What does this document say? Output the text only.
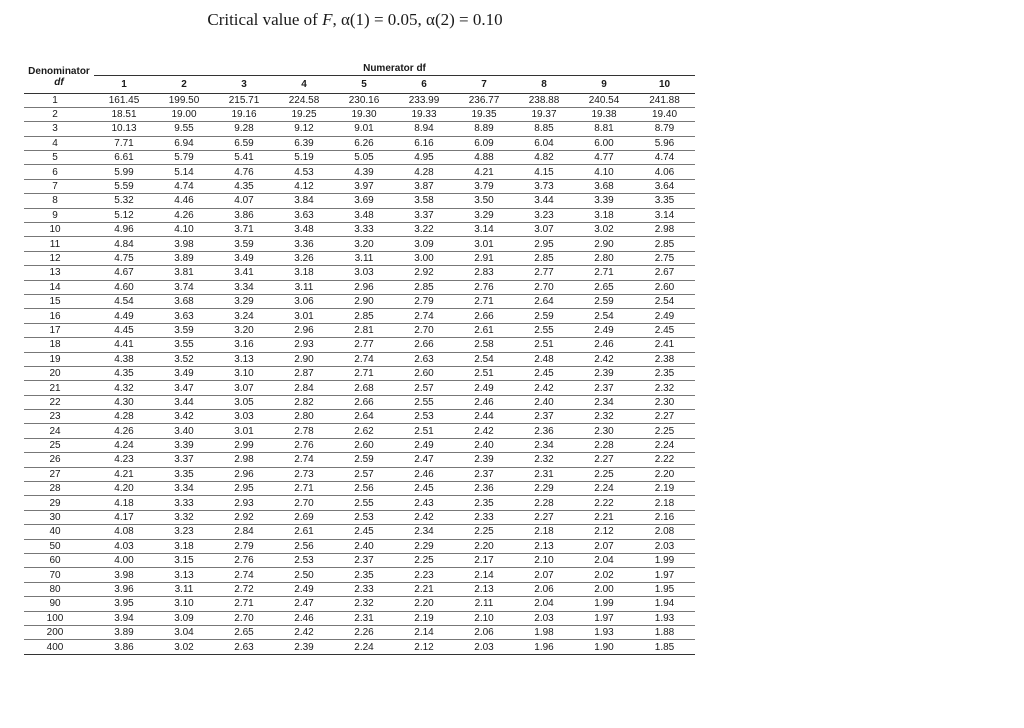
Critical value of F, α(1) = 0.05, α(2) = 0.10
Denominator
df	Numerator df									
	1	2	3	4	5	6	7	8	9	10
1	161.45	199.50	215.71	224.58	230.16	233.99	236.77	238.88	240.54	241.88
2	18.51	19.00	19.16	19.25	19.30	19.33	19.35	19.37	19.38	19.40
3	10.13	9.55	9.28	9.12	9.01	8.94	8.89	8.85	8.81	8.79
4	7.71	6.94	6.59	6.39	6.26	6.16	6.09	6.04	6.00	5.96
5	6.61	5.79	5.41	5.19	5.05	4.95	4.88	4.82	4.77	4.74
6	5.99	5.14	4.76	4.53	4.39	4.28	4.21	4.15	4.10	4.06
7	5.59	4.74	4.35	4.12	3.97	3.87	3.79	3.73	3.68	3.64
8	5.32	4.46	4.07	3.84	3.69	3.58	3.50	3.44	3.39	3.35
9	5.12	4.26	3.86	3.63	3.48	3.37	3.29	3.23	3.18	3.14
10	4.96	4.10	3.71	3.48	3.33	3.22	3.14	3.07	3.02	2.98
11	4.84	3.98	3.59	3.36	3.20	3.09	3.01	2.95	2.90	2.85
12	4.75	3.89	3.49	3.26	3.11	3.00	2.91	2.85	2.80	2.75
13	4.67	3.81	3.41	3.18	3.03	2.92	2.83	2.77	2.71	2.67
14	4.60	3.74	3.34	3.11	2.96	2.85	2.76	2.70	2.65	2.60
15	4.54	3.68	3.29	3.06	2.90	2.79	2.71	2.64	2.59	2.54
16	4.49	3.63	3.24	3.01	2.85	2.74	2.66	2.59	2.54	2.49
17	4.45	3.59	3.20	2.96	2.81	2.70	2.61	2.55	2.49	2.45
18	4.41	3.55	3.16	2.93	2.77	2.66	2.58	2.51	2.46	2.41
19	4.38	3.52	3.13	2.90	2.74	2.63	2.54	2.48	2.42	2.38
20	4.35	3.49	3.10	2.87	2.71	2.60	2.51	2.45	2.39	2.35
21	4.32	3.47	3.07	2.84	2.68	2.57	2.49	2.42	2.37	2.32
22	4.30	3.44	3.05	2.82	2.66	2.55	2.46	2.40	2.34	2.30
23	4.28	3.42	3.03	2.80	2.64	2.53	2.44	2.37	2.32	2.27
24	4.26	3.40	3.01	2.78	2.62	2.51	2.42	2.36	2.30	2.25
25	4.24	3.39	2.99	2.76	2.60	2.49	2.40	2.34	2.28	2.24
26	4.23	3.37	2.98	2.74	2.59	2.47	2.39	2.32	2.27	2.22
27	4.21	3.35	2.96	2.73	2.57	2.46	2.37	2.31	2.25	2.20
28	4.20	3.34	2.95	2.71	2.56	2.45	2.36	2.29	2.24	2.19
29	4.18	3.33	2.93	2.70	2.55	2.43	2.35	2.28	2.22	2.18
30	4.17	3.32	2.92	2.69	2.53	2.42	2.33	2.27	2.21	2.16
40	4.08	3.23	2.84	2.61	2.45	2.34	2.25	2.18	2.12	2.08
50	4.03	3.18	2.79	2.56	2.40	2.29	2.20	2.13	2.07	2.03
60	4.00	3.15	2.76	2.53	2.37	2.25	2.17	2.10	2.04	1.99
70	3.98	3.13	2.74	2.50	2.35	2.23	2.14	2.07	2.02	1.97
80	3.96	3.11	2.72	2.49	2.33	2.21	2.13	2.06	2.00	1.95
90	3.95	3.10	2.71	2.47	2.32	2.20	2.11	2.04	1.99	1.94
100	3.94	3.09	2.70	2.46	2.31	2.19	2.10	2.03	1.97	1.93
200	3.89	3.04	2.65	2.42	2.26	2.14	2.06	1.98	1.93	1.88
400	3.86	3.02	2.63	2.39	2.24	2.12	2.03	1.96	1.90	1.85
